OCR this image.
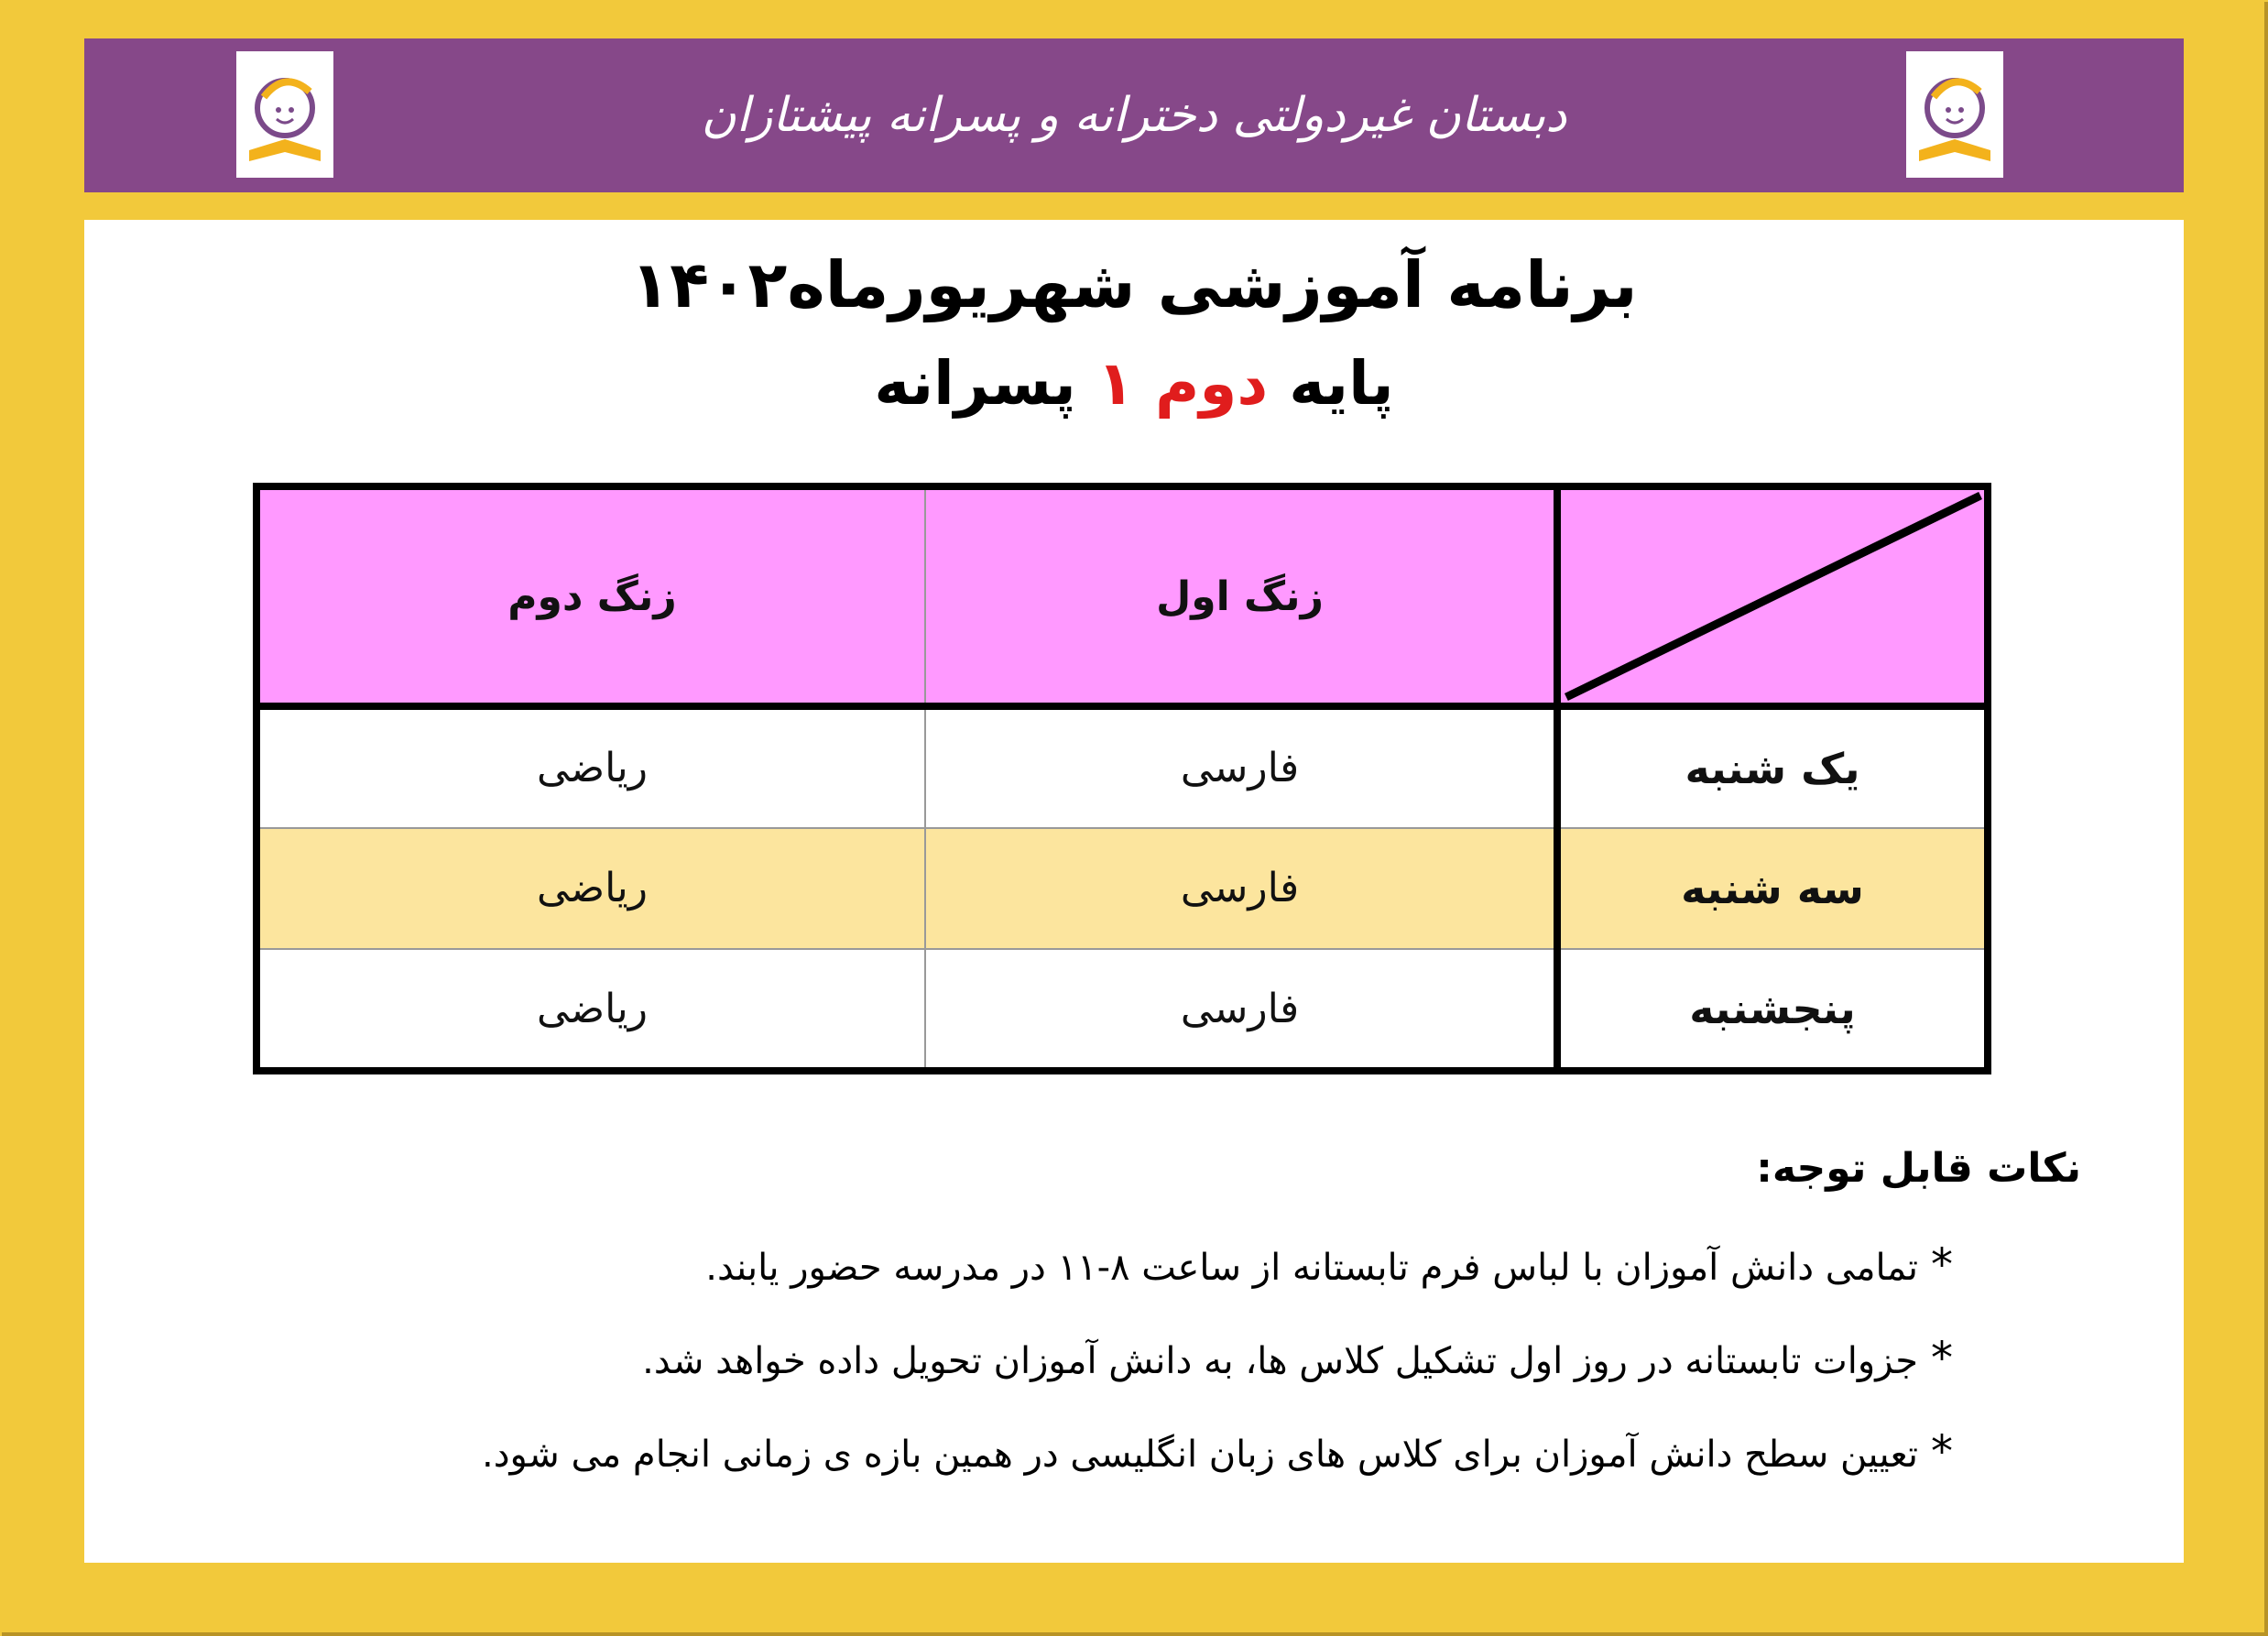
دبستان غیردولتی دخترانه و پسرانه پیشتازان
برنامه آموزشی شهریورماه۱۴۰۲
پایه دوم ۱ پسرانه
	زنگ اول	زنگ دوم
یک شنبه	فارسی	ریاضی
سه شنبه	فارسی	ریاضی
پنجشنبه	فارسی	ریاضی
نکات قابل توجه:
*تمامی دانش آموزان با لباس فرم تابستانه از ساعت ۸-۱۱ در مدرسه حضور یابند.
*جزوات تابستانه در روز اول تشکیل کلاس ها، به دانش آموزان تحویل داده خواهد شد.
*تعیین سطح دانش آموزان برای کلاس های زبان انگلیسی در همین بازه ی زمانی انجام می شود.
